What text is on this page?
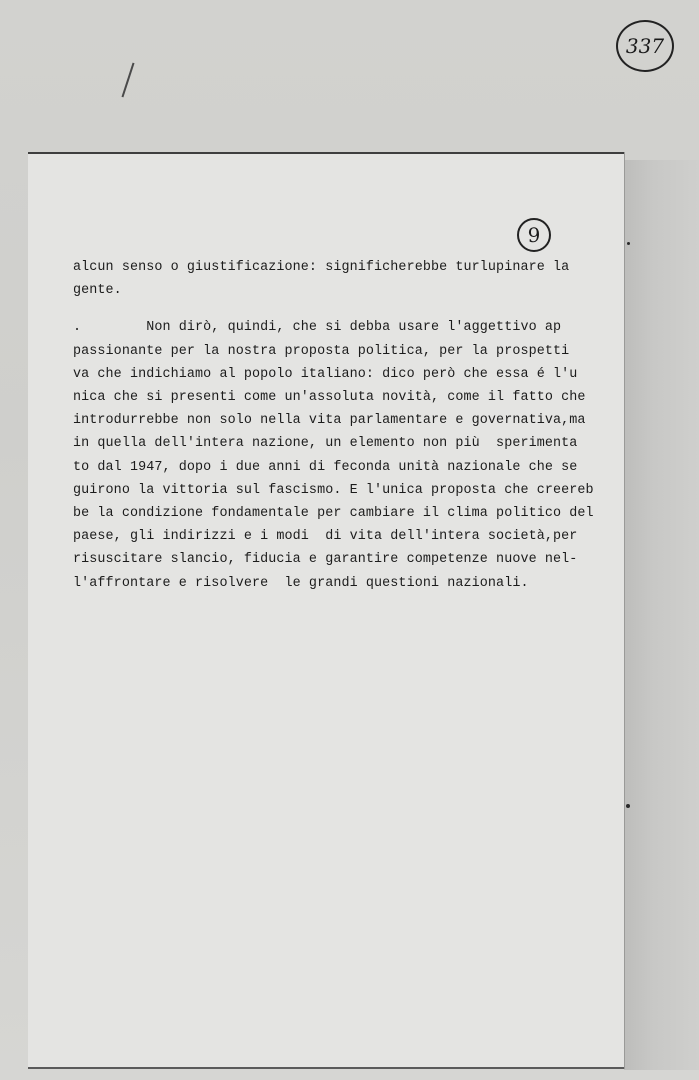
337
9
alcun senso o giustificazione: significherebbe turlupinare la
gente.
.        Non dirò, quindi, che si debba usare l'aggettivo ap
passionante per la nostra proposta politica, per la prospetti
va che indichiamo al popolo italiano: dico però che essa é l'u
nica che si presenti come un'assoluta novità, come il fatto che
introdurrebbe non solo nella vita parlamentare e governativa,ma
in quella dell'intera nazione, un elemento non più  sperimenta
to dal 1947, dopo i due anni di feconda unità nazionale che se
guirono la vittoria sul fascismo. E l'unica proposta che creereb
be la condizione fondamentale per cambiare il clima politico del
paese, gli indirizzi e i modi  di vita dell'intera società,per
risuscitare slancio, fiducia e garantire competenze nuove nel-
l'affrontare e risolvere  le grandi questioni nazionali.
